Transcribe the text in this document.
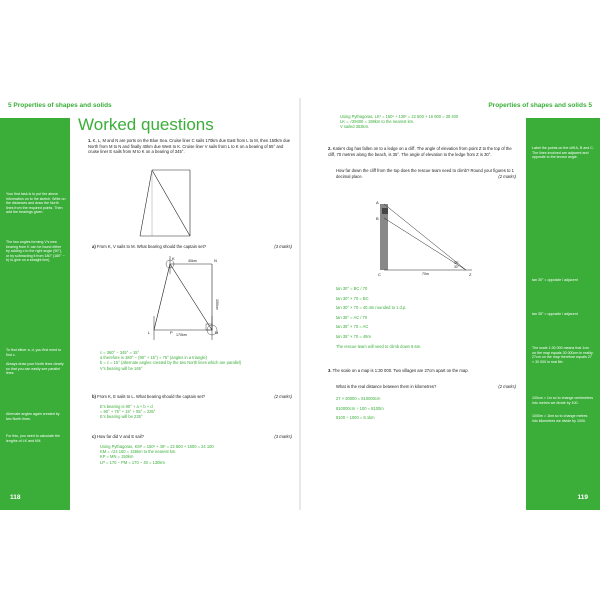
5 Properties of shapes and solids	Properties of shapes and solids 5
118	119
Worked questions
Your first task is to put the above information on to the sketch. Write on the distances and draw the North lines from the required points. Then add the bearings given.
The two angles forming V’s new bearing from K can be found either by adding c to the right angle (90°), or by subtracting it from 180° (180° − b) to give on a straight line).
To find either a, d, you first need to find c.
Always draw your North lines clearly so that you can easily see parallel lines.
Alternate angles again created by two North lines.
For this, you need to calculate the lengths of LK and KM.
Label the points on the cliff A, B and C. The lines involved are adjacent and opposite to the known angle.
tan 30° = opposite / adjacent
tan 35° = opposite / adjacent
The scale 1:30 000 means that 1cm on the map equals 30 000cm in reality. 27cm on the map therefore equals 27 × 30 000 in real life.
100cm = 1m so to change centimetres into metres we divide by 100.
1000m = 1km so to change metres into kilometres we divide by 1000.
1. K, L, M and N are ports on the Blue Sea. Cruise liner C sails 170km due East from L to M, then 150km due North from M to N and finally 40km due West to K. Cruise liner V sails from L to K on a bearing of 55° and cruise liner E sails from M to K on a bearing of 345°.
a) From K, V sails to M. What bearing should the captain set?	(3 marks)
K	N
40km
150km
170km
L	M
P
c = 360° − 345° = 15°
a therefore is 180° − (90° + 15°) = 75° (angles in a triangle)
b = c = 15° (alternate angles created by the two North lines which are parallel)
V’s bearing will be 165°
b) From K, E sails to L. What bearing should the captain set?	(2 marks)
E’s bearing is 90° + a + b + d
= 90° + 75° + 15° + 55° = 235°
E’s bearing will be 235°
c) How far did V and E sail?	(3 marks)
Using Pythagoras, KM² = 150² + 40² = 22 500 + 1600 = 24 100
KM = √24 100 = 155km to the nearest km.
KP = MN = 150km
LP = 170 − PM = 170 − 40 = 130km
Using Pythagoras, LK² = 150² + 130² = 22 500 + 16 900 = 39 400
LK = √39400 = 198km to the nearest km.
V sailed 353km.
2. Katie’s dog has fallen on to a ledge on a cliff. The angle of elevation from point Z to the top of the cliff, 70 metres along the beach, is 35°. The angle of elevation to the ledge from Z is 30°.
How far down the cliff from the top does the rescue team need to climb? Round your figures to 1 decimal place.	(2 marks)
A
B
C	Z
70m
35°
30°
tan 30° = BC / 70
tan 30° × 70 = BC
tan 30° × 70 = 40.4m rounded to 1 d.p.
tan 35° = AC / 70
tan 35° × 70 = AC
tan 35° × 70 = 49m
The rescue team will need to climb down 8.6m.
3. The scale on a map is 1:30 000. Two villages are 27cm apart on the map.
What is the real distance between them in kilometres?	(2 marks)
27 × 30000 = 810000cm
810000cm ÷ 100 = 8100m
8100 ÷ 1000 = 8.1km
